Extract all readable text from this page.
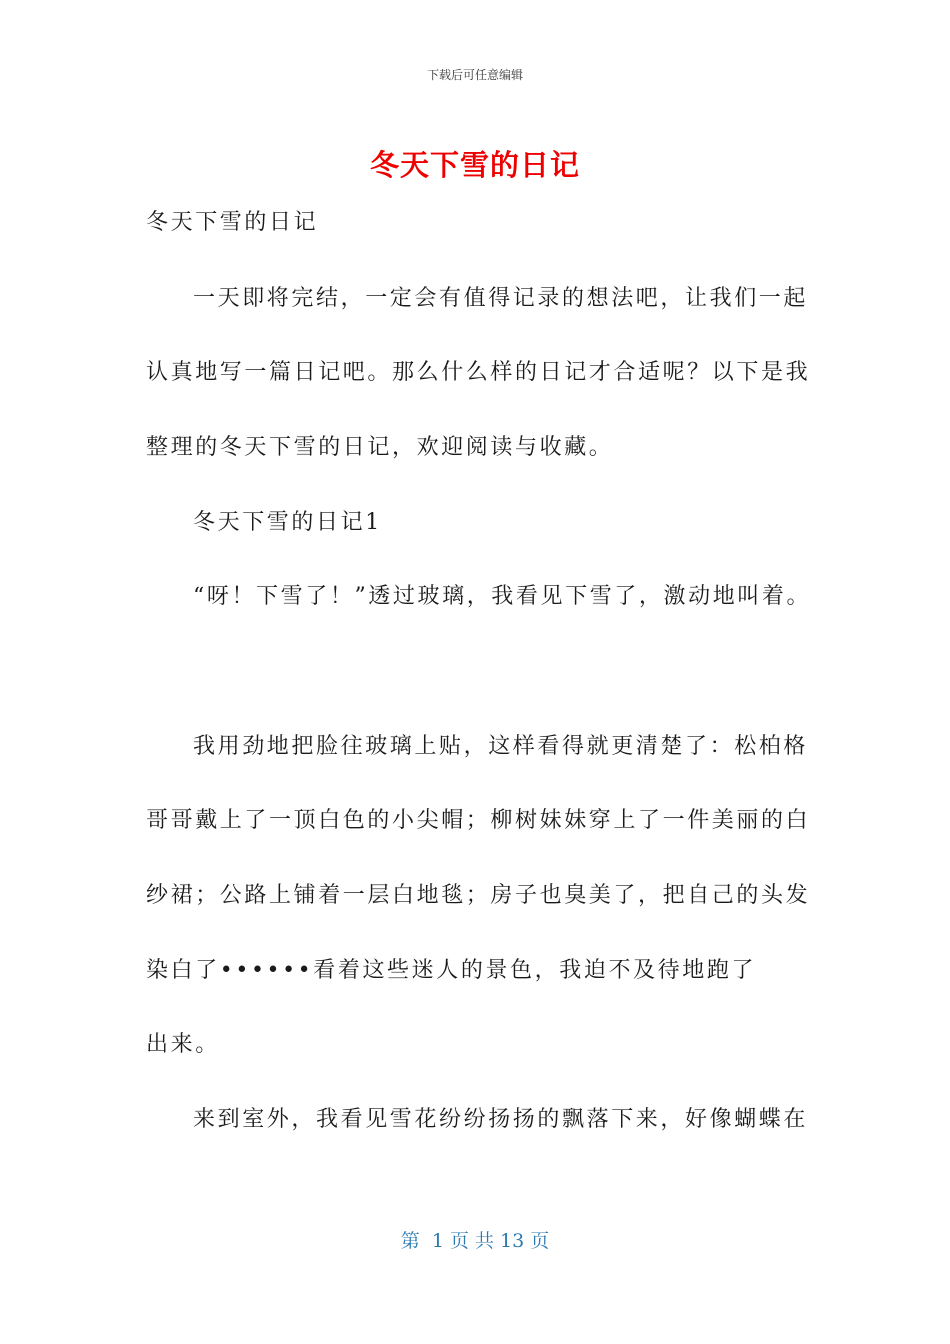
下载后可任意编辑
冬天下雪的日记
冬天下雪的日记
一天即将完结，一定会有值得记录的想法吧，让我们一起
认真地写一篇日记吧。那么什么样的日记才合适呢？以下是我
整理的冬天下雪的日记，欢迎阅读与收藏。
冬天下雪的日记1
“呀！下雪了！”透过玻璃，我看见下雪了，激动地叫着。
我用劲地把脸往玻璃上贴，这样看得就更清楚了：松柏格
哥哥戴上了一顶白色的小尖帽；柳树妹妹穿上了一件美丽的白
纱裙；公路上铺着一层白地毯；房子也臭美了，把自己的头发
染白了••••••看着这些迷人的景色，我迫不及待地跑了
出来。
来到室外，我看见雪花纷纷扬扬的飘落下来，好像蝴蝶在
第  1 页 共 13 页
